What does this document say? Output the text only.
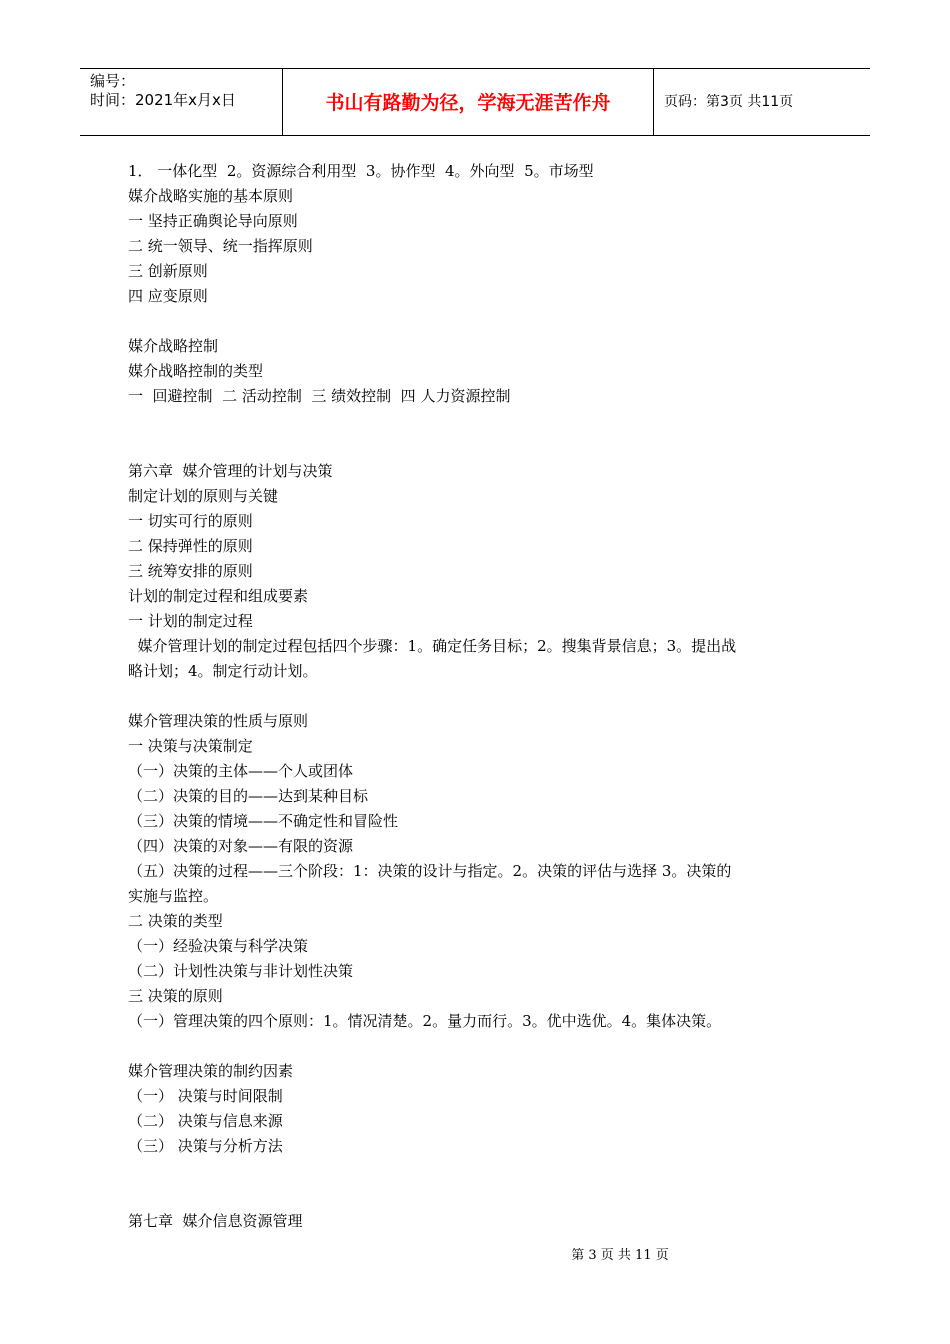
编号：
时间：2021年x月x日	书山有路勤为径，学海无涯苦作舟	页码：第3页 共11页
1． 一体化型  2。资源综合利用型  3。协作型  4。外向型  5。市场型
媒介战略实施的基本原则
一 坚持正确舆论导向原则
二 统一领导、统一指挥原则
三 创新原则
四 应变原则
媒介战略控制
媒介战略控制的类型
一  回避控制  二 活动控制  三 绩效控制  四 人力资源控制
第六章  媒介管理的计划与决策
制定计划的原则与关键
一 切实可行的原则
二 保持弹性的原则
三 统筹安排的原则
计划的制定过程和组成要素
一 计划的制定过程
媒介管理计划的制定过程包括四个步骤：1。确定任务目标；2。搜集背景信息；3。提出战
略计划；4。制定行动计划。
媒介管理决策的性质与原则
一 决策与决策制定
（一）决策的主体——个人或团体
（二）决策的目的——达到某种目标
（三）决策的情境——不确定性和冒险性
（四）决策的对象——有限的资源
（五）决策的过程——三个阶段：1：决策的设计与指定。2。决策的评估与选择 3。决策的
实施与监控。
二 决策的类型
（一）经验决策与科学决策
（二）计划性决策与非计划性决策
三 决策的原则
（一）管理决策的四个原则：1。情况清楚。2。量力而行。3。优中选优。4。集体决策。
媒介管理决策的制约因素
（一） 决策与时间限制
（二） 决策与信息来源
（三） 决策与分析方法
第七章  媒介信息资源管理
第 3 页 共 11 页
